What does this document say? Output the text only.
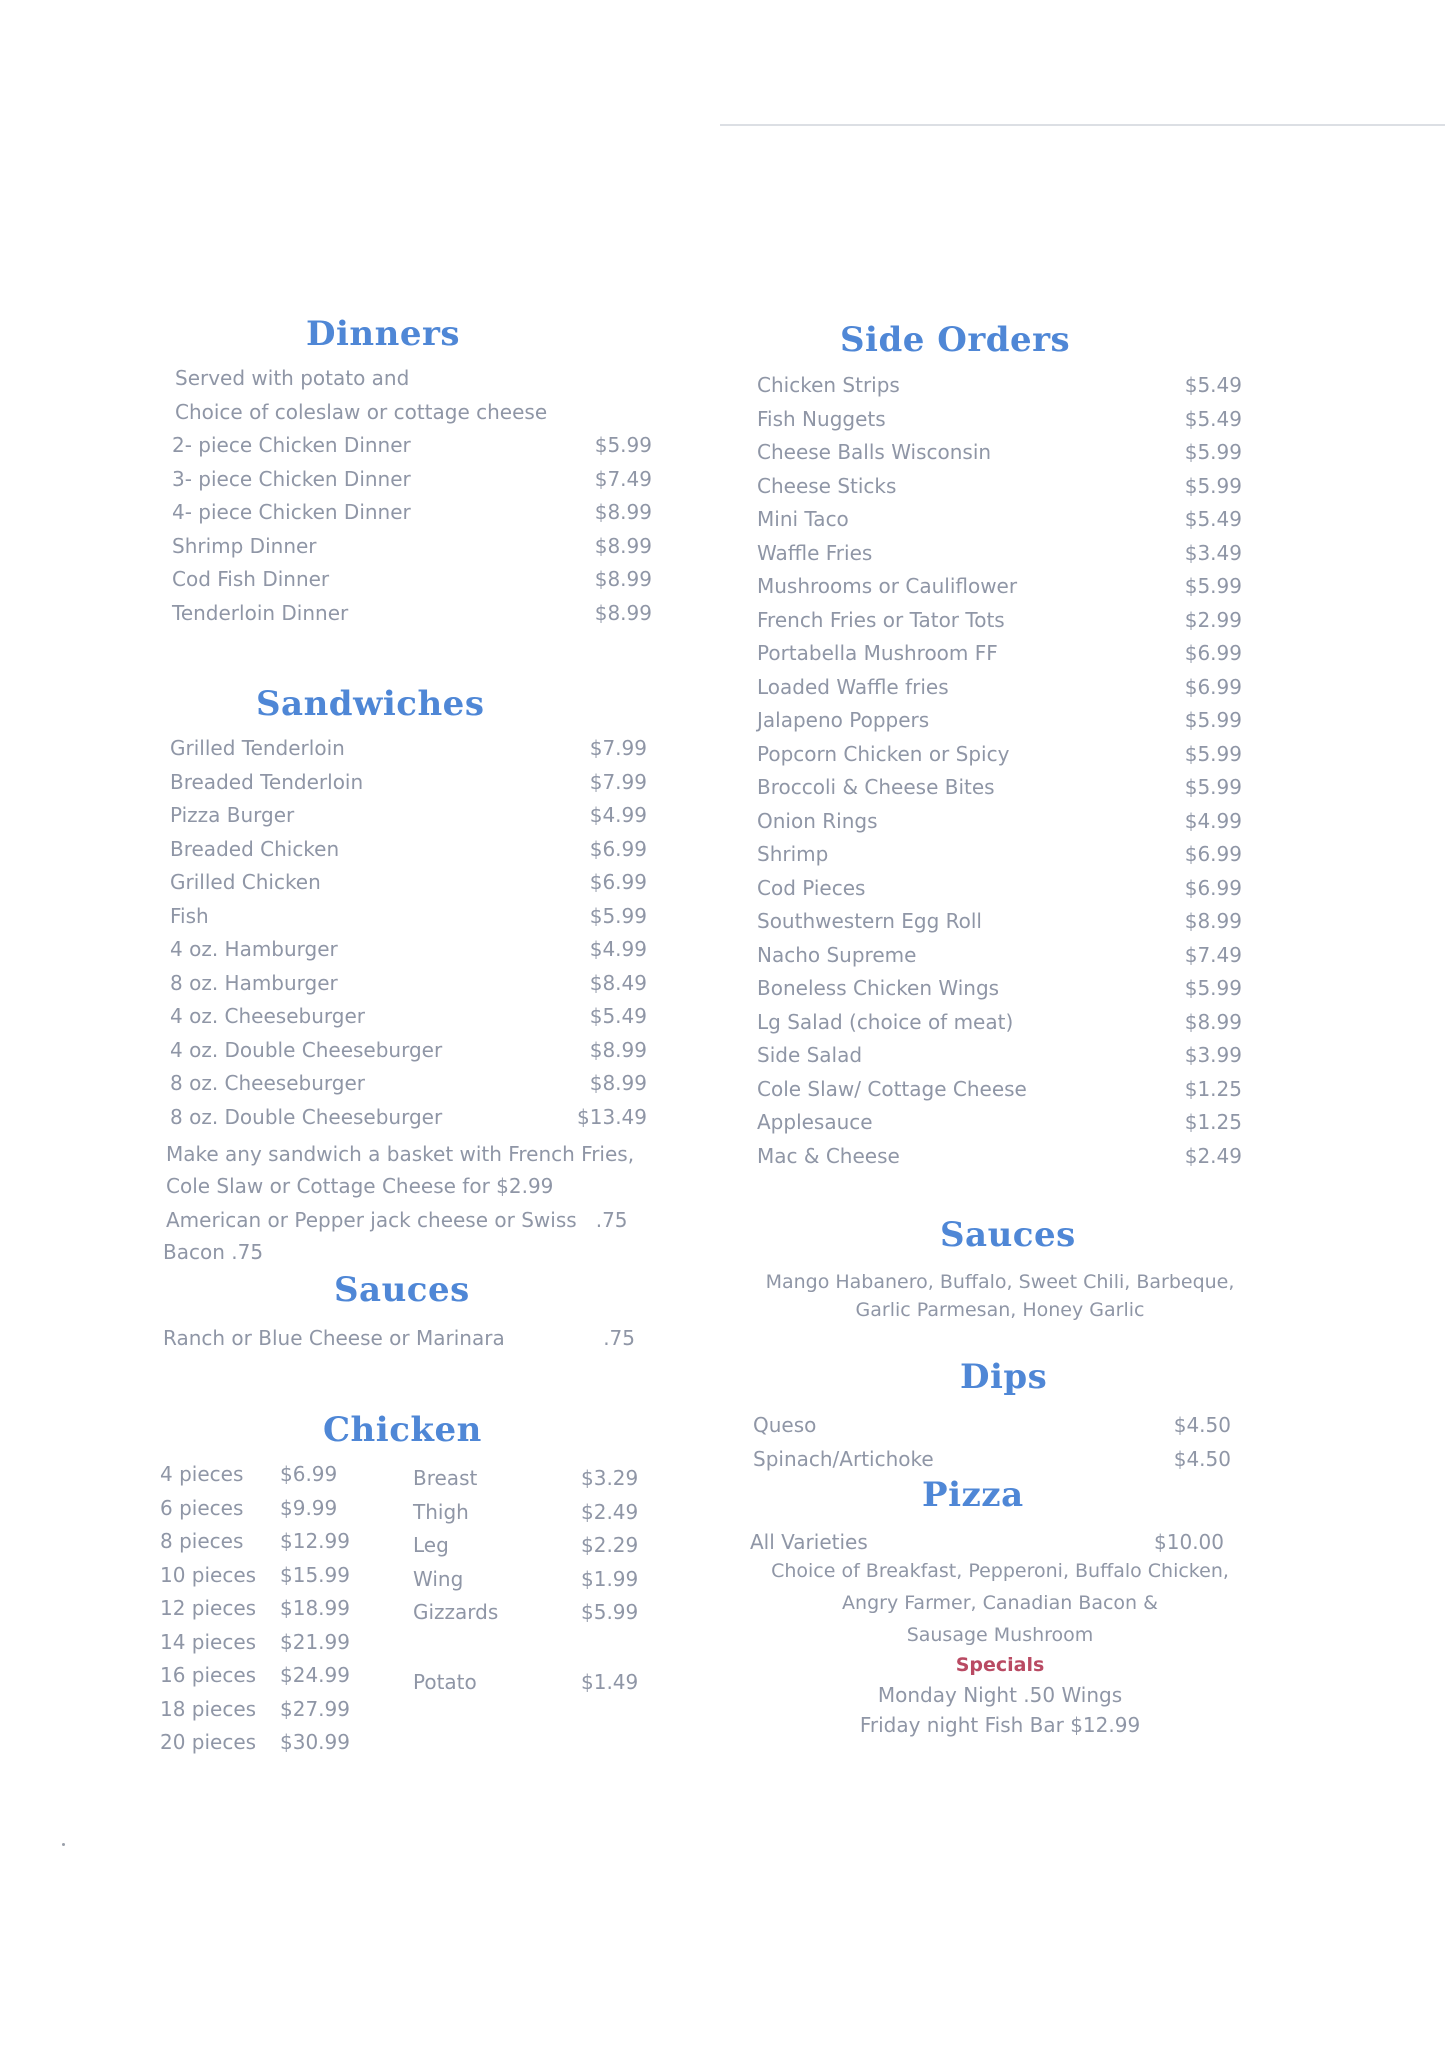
Dinners
Served with potato and
Choice of coleslaw or cottage cheese
2- piece Chicken Dinner	$5.99
3- piece Chicken Dinner	$7.49
4- piece Chicken Dinner	$8.99
Shrimp Dinner	$8.99
Cod Fish Dinner	$8.99
Tenderloin Dinner	$8.99
Sandwiches
Grilled Tenderloin	$7.99
Breaded Tenderloin	$7.99
Pizza Burger	$4.99
Breaded Chicken	$6.99
Grilled Chicken	$6.99
Fish	$5.99
4 oz. Hamburger	$4.99
8 oz. Hamburger	$8.49
4 oz. Cheeseburger	$5.49
4 oz. Double Cheeseburger	$8.99
8 oz. Cheeseburger	$8.99
8 oz. Double Cheeseburger	$13.49
Make any sandwich a basket with French Fries,
Cole Slaw or Cottage Cheese for $2.99
American or Pepper jack cheese or Swiss   .75
Bacon .75
Sauces
Ranch or Blue Cheese or Marinara	.75
Chicken
4 pieces $6.99
6 pieces $9.99
8 pieces $12.99
10 pieces $15.99
12 pieces $18.99
14 pieces $21.99
16 pieces $24.99
18 pieces $27.99
20 pieces $30.99
Breast	$3.29
Thigh	$2.49
Leg	$2.29
Wing	$1.99
Gizzards	$5.99
Potato	$1.49
Side Orders
Chicken Strips	$5.49
Fish Nuggets	$5.49
Cheese Balls Wisconsin	$5.99
Cheese Sticks	$5.99
Mini Taco	$5.49
Waffle Fries	$3.49
Mushrooms or Cauliflower	$5.99
French Fries or Tator Tots	$2.99
Portabella Mushroom FF	$6.99
Loaded Waffle fries	$6.99
Jalapeno Poppers	$5.99
Popcorn Chicken or Spicy	$5.99
Broccoli & Cheese Bites	$5.99
Onion Rings	$4.99
Shrimp	$6.99
Cod Pieces	$6.99
Southwestern Egg Roll	$8.99
Nacho Supreme	$7.49
Boneless Chicken Wings	$5.99
Lg Salad (choice of meat)	$8.99
Side Salad	$3.99
Cole Slaw/ Cottage Cheese	$1.25
Applesauce	$1.25
Mac & Cheese	$2.49
Sauces
Mango Habanero, Buffalo, Sweet Chili, Barbeque,
Garlic Parmesan, Honey Garlic
Dips
Queso	$4.50
Spinach/Artichoke	$4.50
Pizza
All Varieties	$10.00
Choice of Breakfast, Pepperoni, Buffalo Chicken,
Angry Farmer, Canadian Bacon &
Sausage Mushroom
Specials
Monday Night .50 Wings
Friday night Fish Bar $12.99
